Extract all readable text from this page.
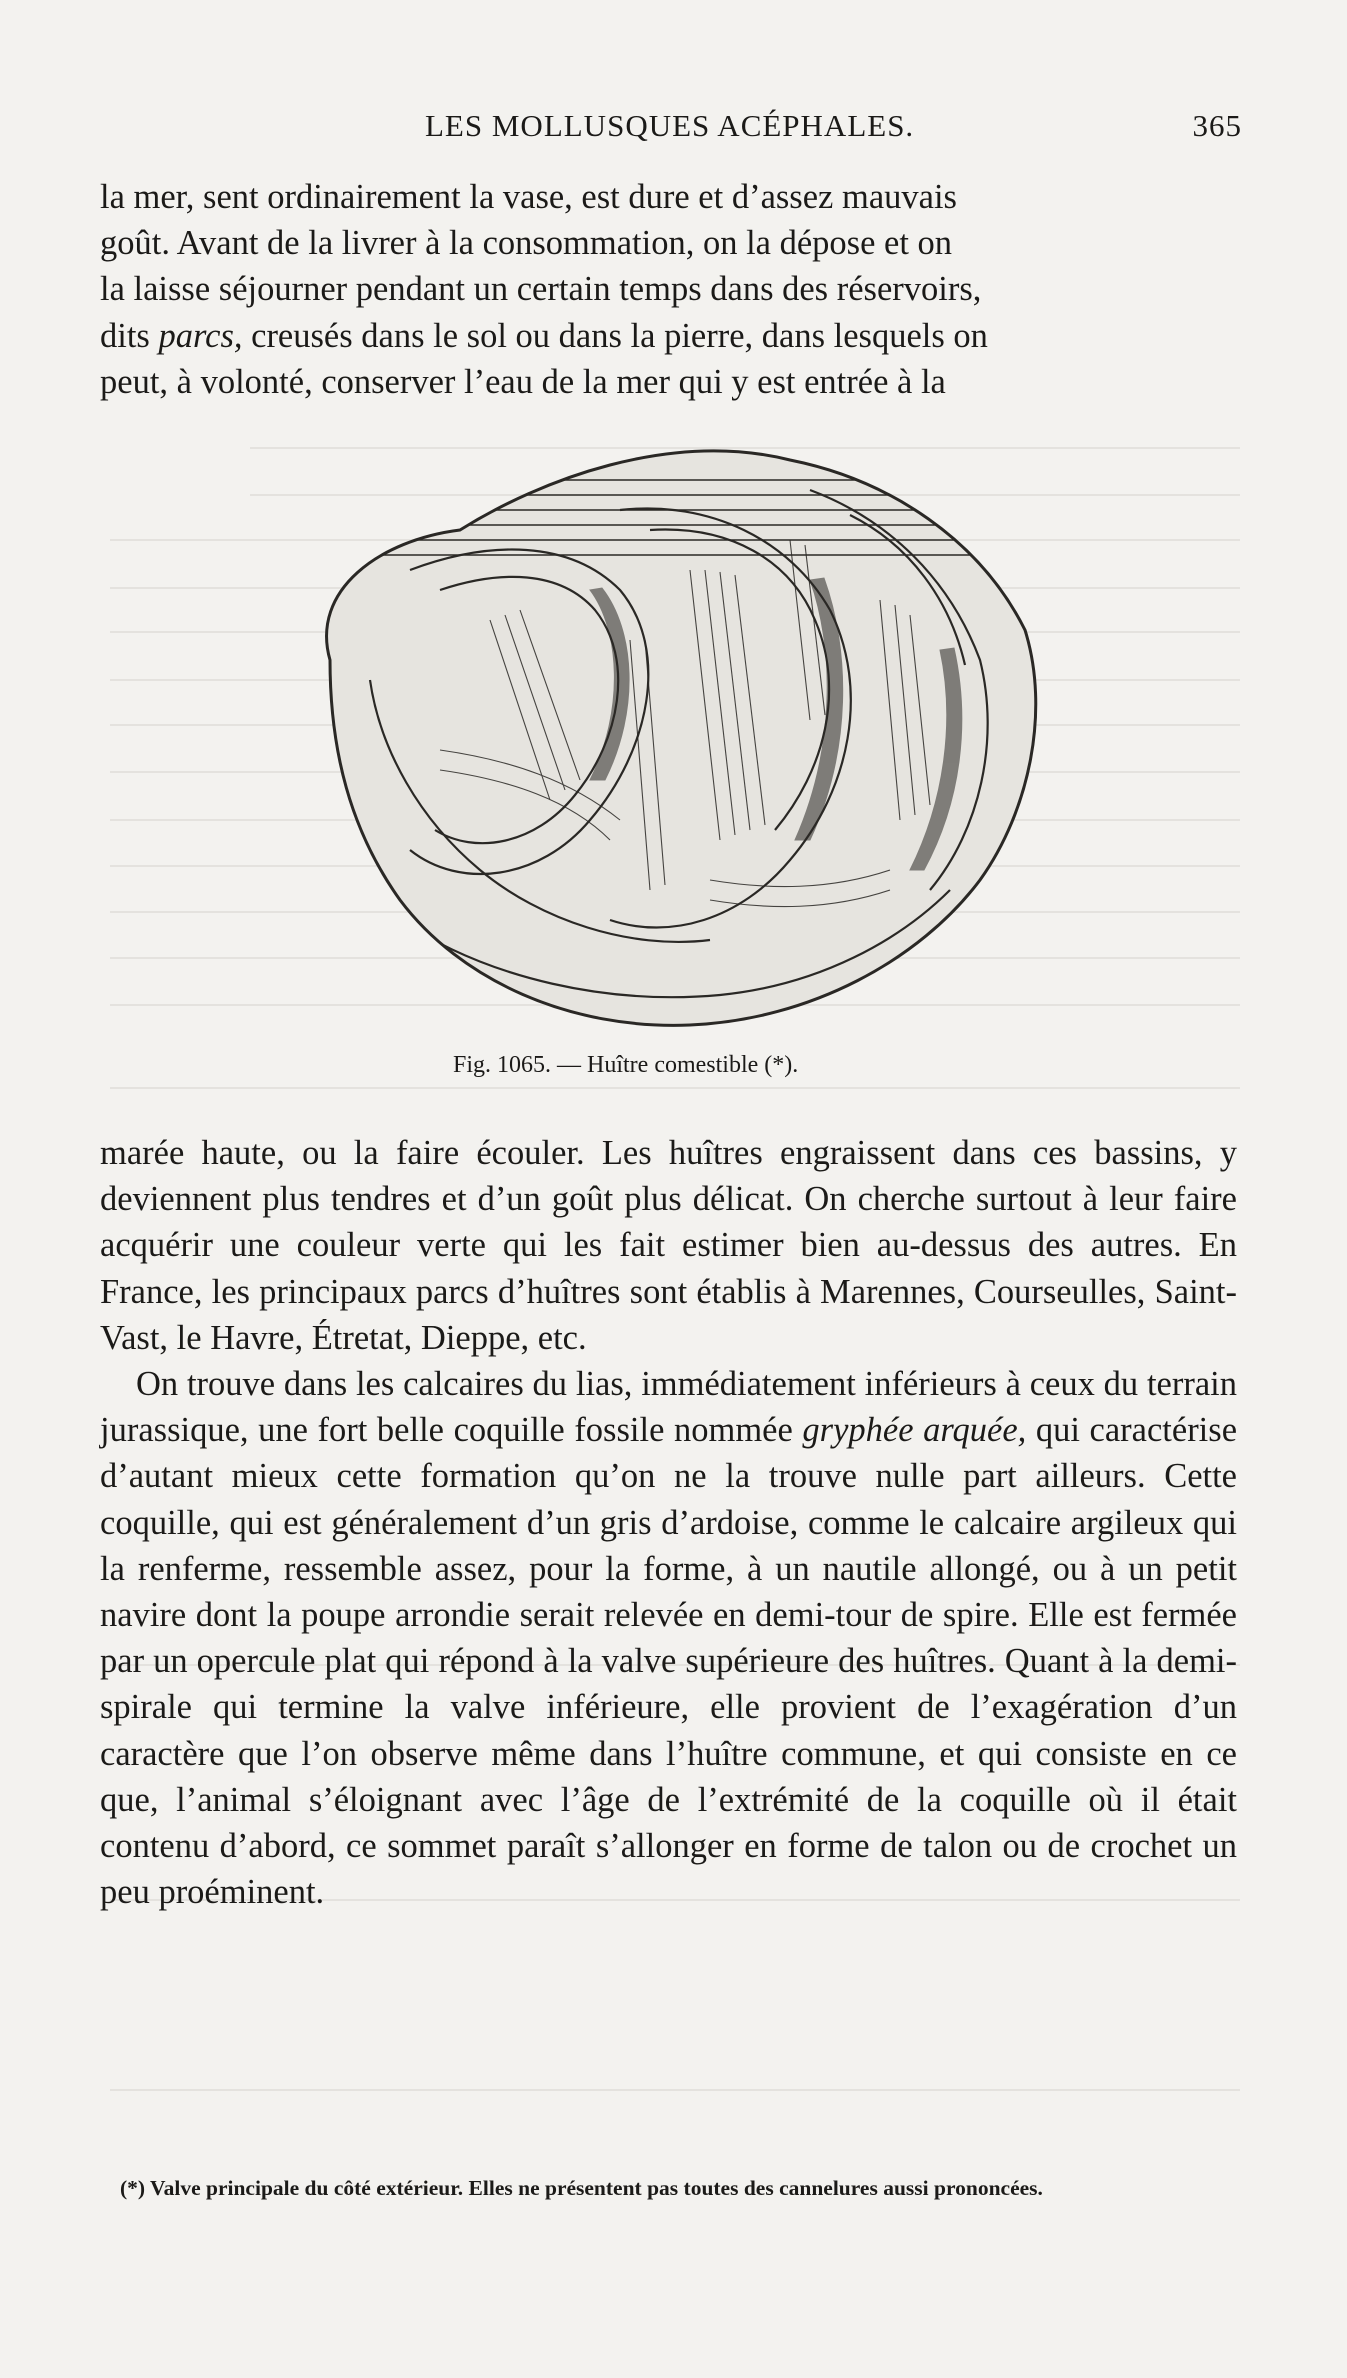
LES MOLLUSQUES ACÉPHALES.	365

la mer, sent ordinairement la vase, est dure et d’assez mauvais

goût. Avant de la livrer à la consommation, on la dépose et on

la laisse séjourner pendant un certain temps dans des réservoirs,

dits parcs, creusés dans le sol ou dans la pierre, dans lesquels on

peut, à volonté, conserver l’eau de la mer qui y est entrée à la

Fig. 1065. — Huître comestible (*).

marée haute, ou la faire écouler. Les huîtres engraissent dans ces bassins, y deviennent plus tendres et d’un goût plus délicat. On cherche surtout à leur faire acquérir une couleur verte qui les fait estimer bien au-dessus des autres. En France, les principaux parcs d’huîtres sont établis à Marennes, Courseulles, Saint-Vast, le Havre, Étretat, Dieppe, etc.

On trouve dans les calcaires du lias, immédiatement inférieurs à ceux du terrain jurassique, une fort belle coquille fossile nommée gryphée arquée, qui caractérise d’autant mieux cette formation qu’on ne la trouve nulle part ailleurs. Cette coquille, qui est généralement d’un gris d’ardoise, comme le calcaire argileux qui la renferme, ressemble assez, pour la forme, à un nautile allongé, ou à un petit navire dont la poupe arrondie serait relevée en demi-tour de spire. Elle est fermée par un opercule plat qui répond à la valve supérieure des huîtres. Quant à la demi-spirale qui termine la valve inférieure, elle provient de l’exagération d’un caractère que l’on observe même dans l’huître commune, et qui consiste en ce que, l’animal s’éloignant avec l’âge de l’extrémité de la coquille où il était contenu d’abord, ce sommet paraît s’allonger en forme de talon ou de crochet un peu proéminent.

(*) Valve principale du côté extérieur. Elles ne présentent pas toutes des cannelures aussi prononcées.
